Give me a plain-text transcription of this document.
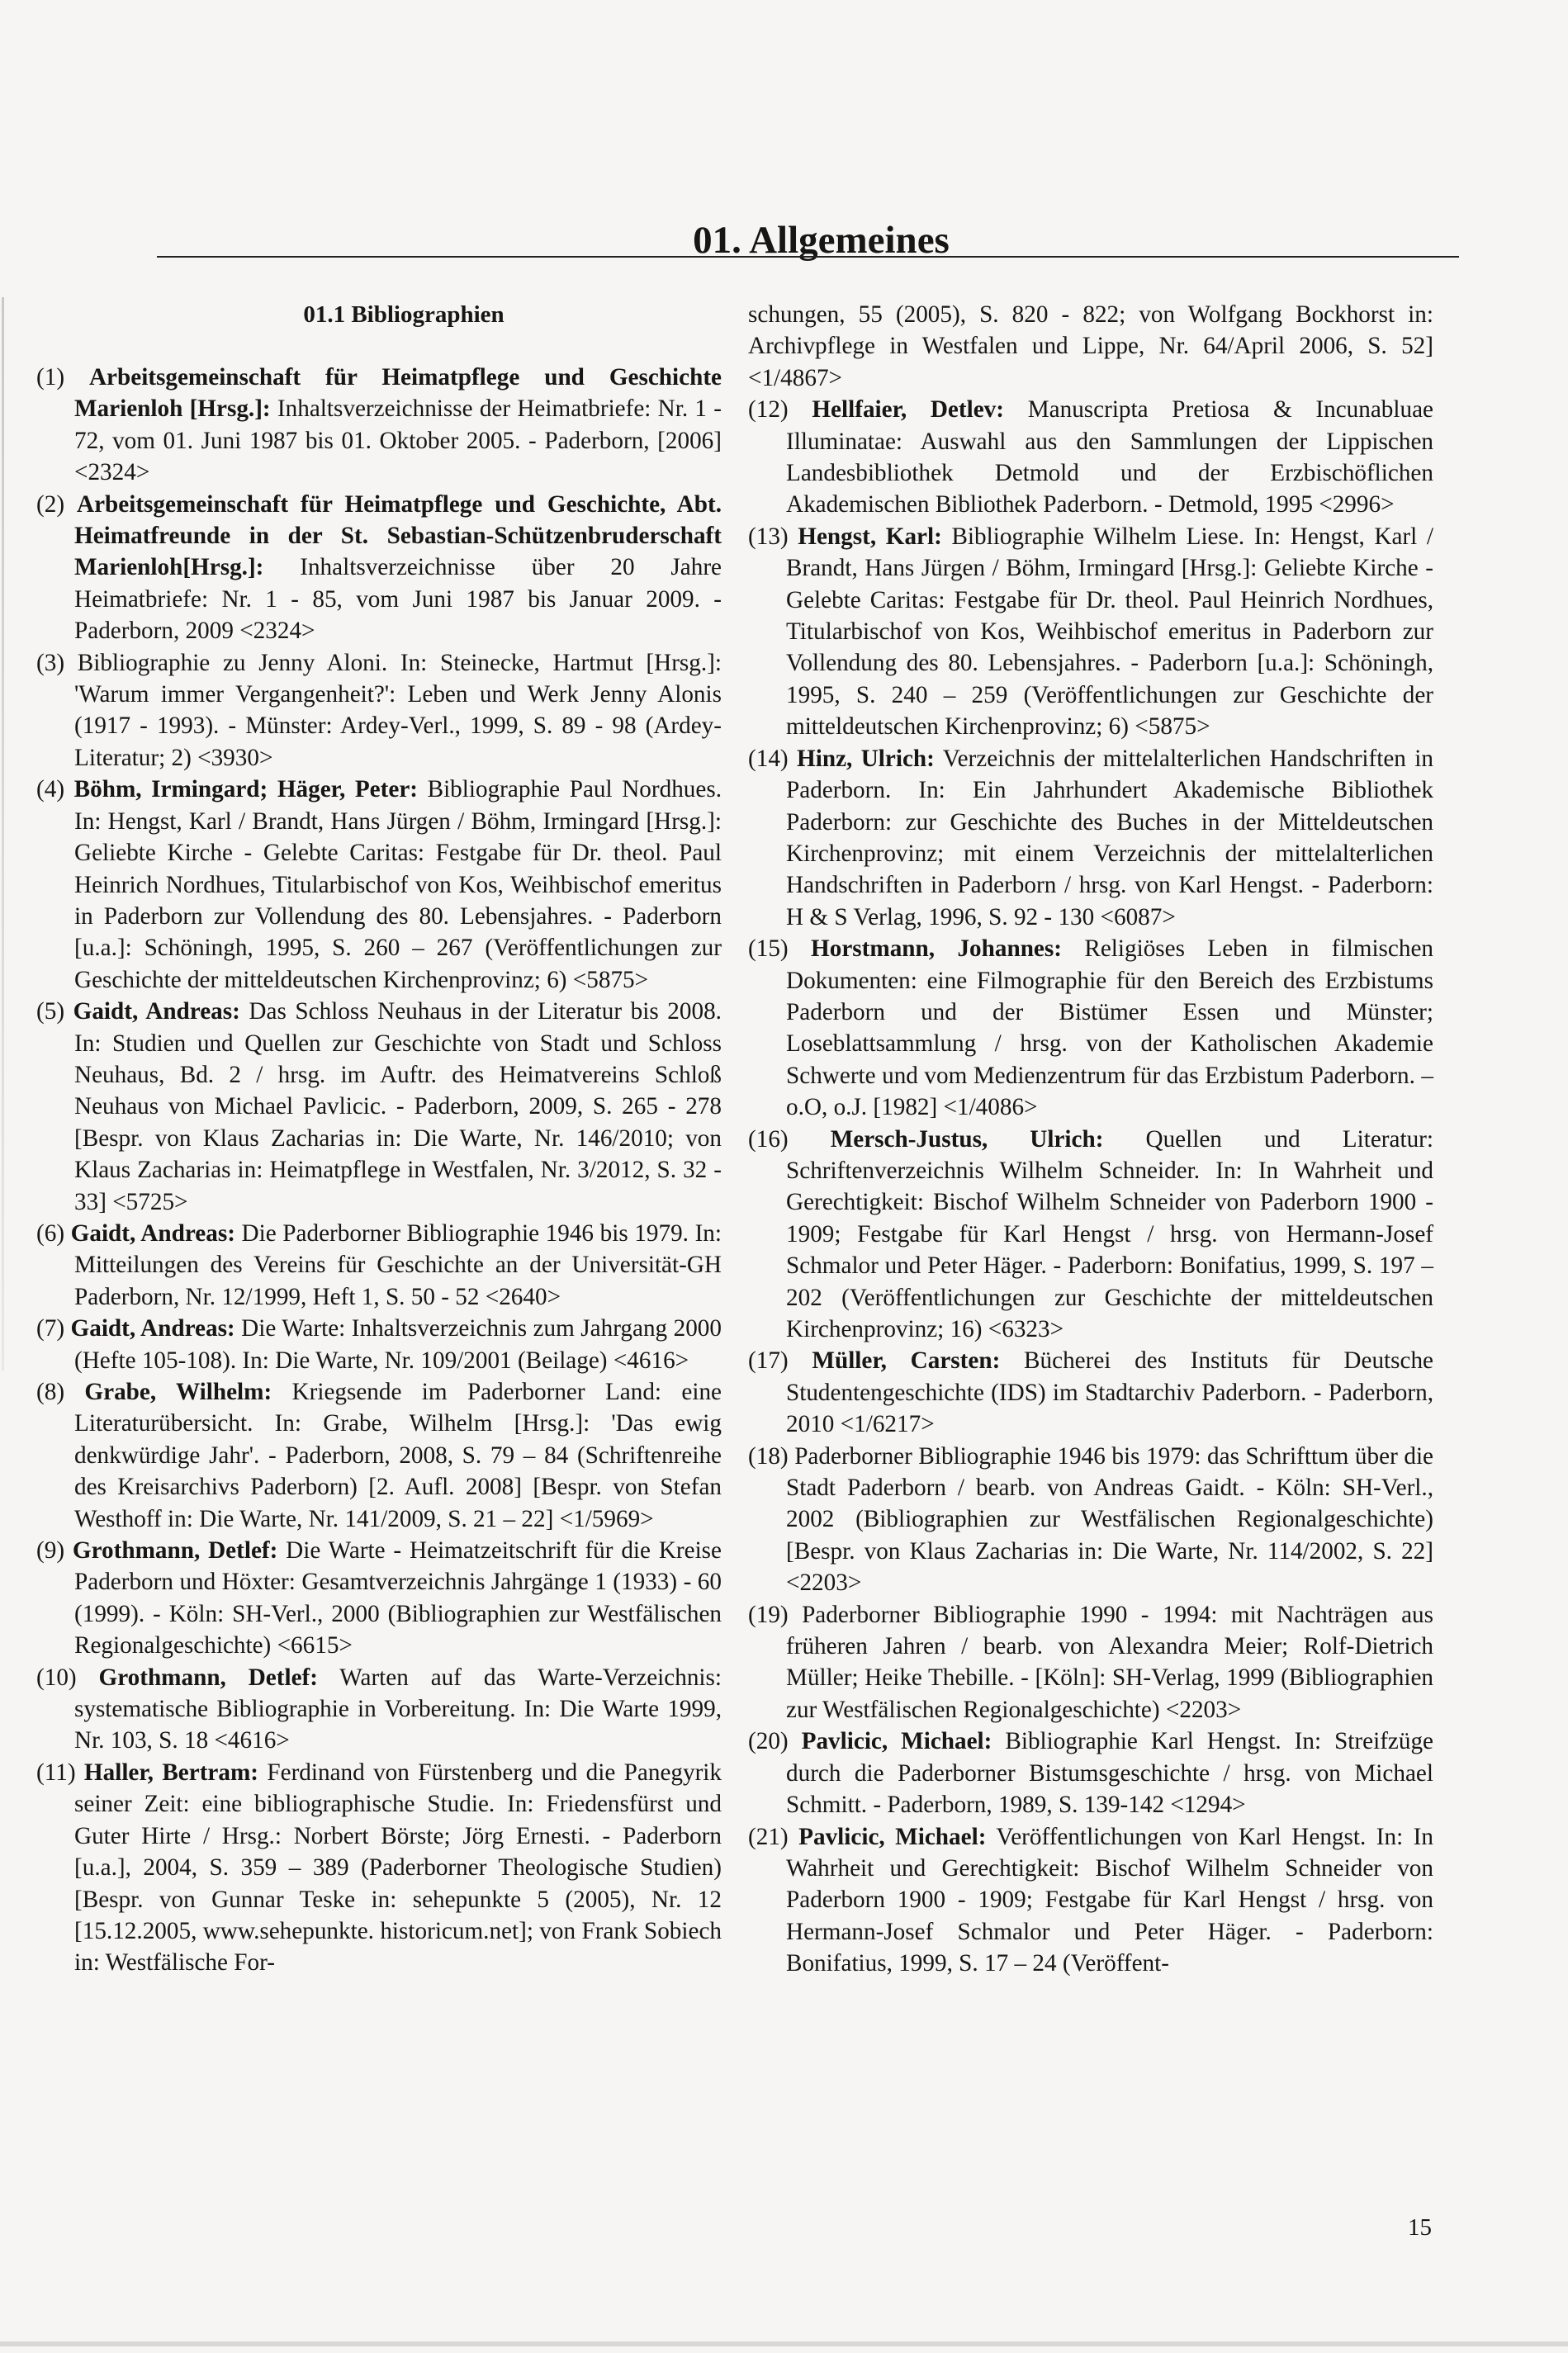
01. Allgemeines
01.1 Bibliographien

(1) Arbeitsgemeinschaft für Heimatpflege und Geschichte Marienloh [Hrsg.]: Inhaltsverzeichnisse der Heimatbriefe: Nr. 1 - 72, vom 01. Juni 1987 bis 01. Oktober 2005. - Paderborn, [2006] <2324>

(2) Arbeitsgemeinschaft für Heimatpflege und Geschichte, Abt. Heimatfreunde in der St. Sebastian-Schützenbruderschaft Marienloh[Hrsg.]: Inhaltsverzeichnisse über 20 Jahre Heimatbriefe: Nr. 1 - 85, vom Juni 1987 bis Januar 2009. - Paderborn, 2009 <2324>

(3) Bibliographie zu Jenny Aloni. In: Steinecke, Hartmut [Hrsg.]: 'Warum immer Vergangenheit?': Leben und Werk Jenny Alonis (1917 - 1993). - Münster: Ardey-Verl., 1999, S. 89 - 98 (Ardey-Literatur; 2) <3930>

(4) Böhm, Irmingard; Häger, Peter: Bibliographie Paul Nordhues. In: Hengst, Karl / Brandt, Hans Jürgen / Böhm, Irmingard [Hrsg.]: Geliebte Kirche - Gelebte Caritas: Festgabe für Dr. theol. Paul Heinrich Nordhues, Titularbischof von Kos, Weihbischof emeritus in Paderborn zur Vollendung des 80. Lebensjahres. - Paderborn [u.a.]: Schöningh, 1995, S. 260 – 267 (Veröffentlichungen zur Geschichte der mitteldeutschen Kirchenprovinz; 6) <5875>

(5) Gaidt, Andreas: Das Schloss Neuhaus in der Literatur bis 2008. In: Studien und Quellen zur Geschichte von Stadt und Schloss Neuhaus, Bd. 2 / hrsg. im Auftr. des Heimatvereins Schloß Neuhaus von Michael Pavlicic. - Paderborn, 2009, S. 265 - 278 [Bespr. von Klaus Zacharias in: Die Warte, Nr. 146/2010; von Klaus Zacharias in: Heimatpflege in Westfalen, Nr. 3/2012, S. 32 - 33] <5725>

(6) Gaidt, Andreas: Die Paderborner Bibliographie 1946 bis 1979. In: Mitteilungen des Vereins für Geschichte an der Universität-GH Paderborn, Nr. 12/1999, Heft 1, S. 50 - 52 <2640>

(7) Gaidt, Andreas: Die Warte: Inhaltsverzeichnis zum Jahrgang 2000 (Hefte 105-108). In: Die Warte, Nr. 109/2001 (Beilage) <4616>

(8) Grabe, Wilhelm: Kriegsende im Paderborner Land: eine Literaturübersicht. In: Grabe, Wilhelm [Hrsg.]: 'Das ewig denkwürdige Jahr'. - Paderborn, 2008, S. 79 – 84 (Schriftenreihe des Kreisarchivs Paderborn) [2. Aufl. 2008] [Bespr. von Stefan Westhoff in: Die Warte, Nr. 141/2009, S. 21 – 22] <1/5969>

(9) Grothmann, Detlef: Die Warte - Heimatzeitschrift für die Kreise Paderborn und Höxter: Gesamtverzeichnis Jahrgänge 1 (1933) - 60 (1999). - Köln: SH-Verl., 2000 (Bibliographien zur Westfälischen Regionalgeschichte) <6615>

(10) Grothmann, Detlef: Warten auf das Warte-Verzeichnis: systematische Bibliographie in Vorbereitung. In: Die Warte 1999, Nr. 103, S. 18 <4616>

(11) Haller, Bertram: Ferdinand von Fürstenberg und die Panegyrik seiner Zeit: eine bibliographische Studie. In: Friedensfürst und Guter Hirte / Hrsg.: Norbert Börste; Jörg Ernesti. - Paderborn [u.a.], 2004, S. 359 – 389 (Paderborner Theologische Studien) [Bespr. von Gunnar Teske in: sehepunkte 5 (2005), Nr. 12 [15.12.2005, www.sehepunkte. historicum.net]; von Frank Sobiech in: Westfälische For-

schungen, 55 (2005), S. 820 - 822; von Wolfgang Bockhorst in: Archivpflege in Westfalen und Lippe, Nr. 64/April 2006, S. 52] <1/4867>

(12) Hellfaier, Detlev: Manuscripta Pretiosa & Incunabluae Illuminatae: Auswahl aus den Sammlungen der Lippischen Landesbibliothek Detmold und der Erzbischöflichen Akademischen Bibliothek Paderborn. - Detmold, 1995 <2996>

(13) Hengst, Karl: Bibliographie Wilhelm Liese. In: Hengst, Karl / Brandt, Hans Jürgen / Böhm, Irmingard [Hrsg.]: Geliebte Kirche - Gelebte Caritas: Festgabe für Dr. theol. Paul Heinrich Nordhues, Titularbischof von Kos, Weihbischof emeritus in Paderborn zur Vollendung des 80. Lebensjahres. - Paderborn [u.a.]: Schöningh, 1995, S. 240 – 259 (Veröffentlichungen zur Geschichte der mitteldeutschen Kirchenprovinz; 6) <5875>

(14) Hinz, Ulrich: Verzeichnis der mittelalterlichen Handschriften in Paderborn. In: Ein Jahrhundert Akademische Bibliothek Paderborn: zur Geschichte des Buches in der Mitteldeutschen Kirchenprovinz; mit einem Verzeichnis der mittelalterlichen Handschriften in Paderborn / hrsg. von Karl Hengst. - Paderborn: H & S Verlag, 1996, S. 92 - 130 <6087>

(15) Horstmann, Johannes: Religiöses Leben in filmischen Dokumenten: eine Filmographie für den Bereich des Erzbistums Paderborn und der Bistümer Essen und Münster; Loseblattsammlung / hrsg. von der Katholischen Akademie Schwerte und vom Medienzentrum für das Erzbistum Paderborn. – o.O, o.J. [1982] <1/4086>

(16) Mersch-Justus, Ulrich: Quellen und Literatur: Schriftenverzeichnis Wilhelm Schneider. In: In Wahrheit und Gerechtigkeit: Bischof Wilhelm Schneider von Paderborn 1900 - 1909; Festgabe für Karl Hengst / hrsg. von Hermann-Josef Schmalor und Peter Häger. - Paderborn: Bonifatius, 1999, S. 197 – 202 (Veröffentlichungen zur Geschichte der mitteldeutschen Kirchenprovinz; 16) <6323>

(17) Müller, Carsten: Bücherei des Instituts für Deutsche Studentengeschichte (IDS) im Stadtarchiv Paderborn. - Paderborn, 2010 <1/6217>

(18) Paderborner Bibliographie 1946 bis 1979: das Schrifttum über die Stadt Paderborn / bearb. von Andreas Gaidt. - Köln: SH-Verl., 2002 (Bibliographien zur Westfälischen Regionalgeschichte) [Bespr. von Klaus Zacharias in: Die Warte, Nr. 114/2002, S. 22] <2203>

(19) Paderborner Bibliographie 1990 - 1994: mit Nachträgen aus früheren Jahren / bearb. von Alexandra Meier; Rolf-Dietrich Müller; Heike Thebille. - [Köln]: SH-Verlag, 1999 (Bibliographien zur Westfälischen Regionalgeschichte) <2203>

(20) Pavlicic, Michael: Bibliographie Karl Hengst. In: Streifzüge durch die Paderborner Bistumsgeschichte / hrsg. von Michael Schmitt. - Paderborn, 1989, S. 139-142 <1294>

(21) Pavlicic, Michael: Veröffentlichungen von Karl Hengst. In: In Wahrheit und Gerechtigkeit: Bischof Wilhelm Schneider von Paderborn 1900 - 1909; Festgabe für Karl Hengst / hrsg. von Hermann-Josef Schmalor und Peter Häger. - Paderborn: Bonifatius, 1999, S. 17 – 24 (Veröffent-

15
